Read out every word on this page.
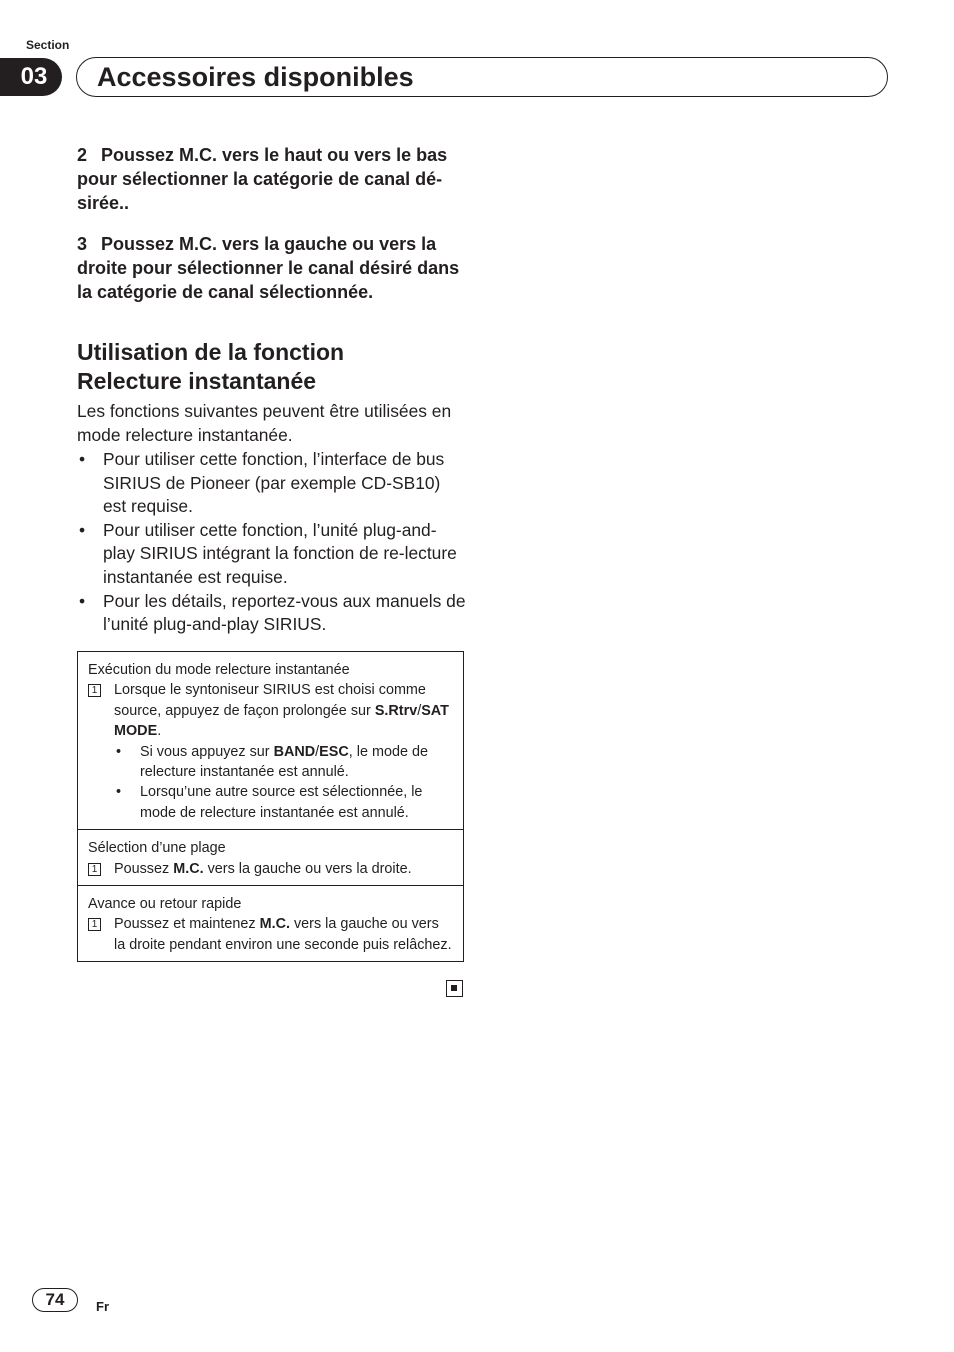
Section
03	Accessoires disponibles

2 Poussez M.C. vers le haut ou vers le bas pour sélectionner la catégorie de canal dé-sirée..

3 Poussez M.C. vers la gauche ou vers la droite pour sélectionner le canal désiré dans la catégorie de canal sélectionnée.

Utilisation de la fonction
Relecture instantanée

Les fonctions suivantes peuvent être utilisées en mode relecture instantanée.

• Pour utiliser cette fonction, l’interface de bus SIRIUS de Pioneer (par exemple CD-SB10) est requise.
• Pour utiliser cette fonction, l’unité plug-and-play SIRIUS intégrant la fonction de re-lecture instantanée est requise.
• Pour les détails, reportez-vous aux manuels de l’unité plug-and-play SIRIUS.
Exécution du mode relecture instantanée
1 Lorsque le syntoniseur SIRIUS est choisi comme source, appuyez de façon prolongée sur S.Rtrv/SAT MODE.
• Si vous appuyez sur BAND/ESC, le mode de relecture instantanée est annulé.
• Lorsqu’une autre source est sélectionnée, le mode de relecture instantanée est annulé.
Sélection d’une plage
1 Poussez M.C. vers la gauche ou vers la droite.
Avance ou retour rapide
1 Poussez et maintenez M.C. vers la gauche ou vers la droite pendant environ une seconde puis relâchez.
74	Fr
